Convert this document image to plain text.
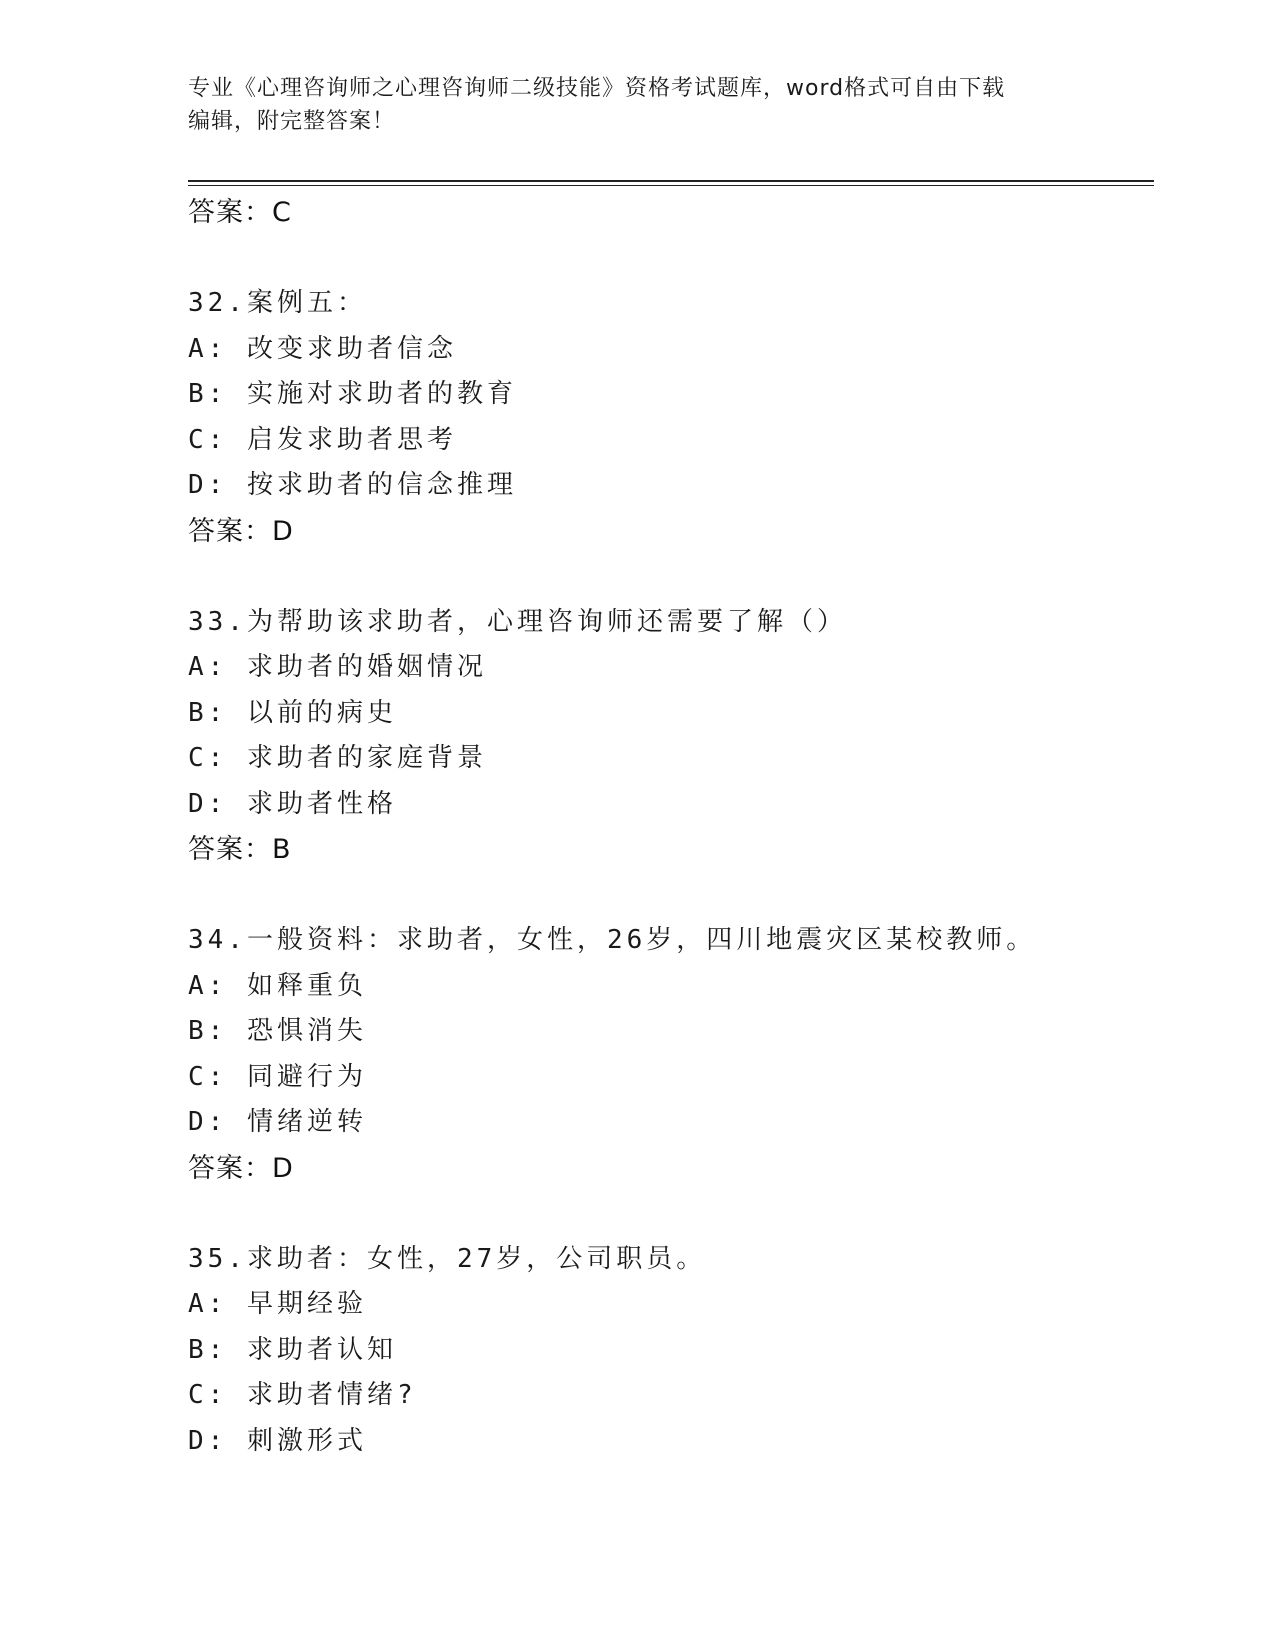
专业《心理咨询师之心理咨询师二级技能》资格考试题库，word格式可自由下载
编辑，附完整答案！
答案：C
32.案例五：
A: 改变求助者信念
B: 实施对求助者的教育
C: 启发求助者思考
D: 按求助者的信念推理
答案：D
33.为帮助该求助者，心理咨询师还需要了解（）
A: 求助者的婚姻情况
B: 以前的病史
C: 求助者的家庭背景
D: 求助者性格
答案：B
34.一般资料：求助者，女性，26岁，四川地震灾区某校教师。
A: 如释重负
B: 恐惧消失
C: 同避行为
D: 情绪逆转
答案：D
35.求助者：女性，27岁，公司职员。
A: 早期经验
B: 求助者认知
C: 求助者情绪?
D: 刺激形式
